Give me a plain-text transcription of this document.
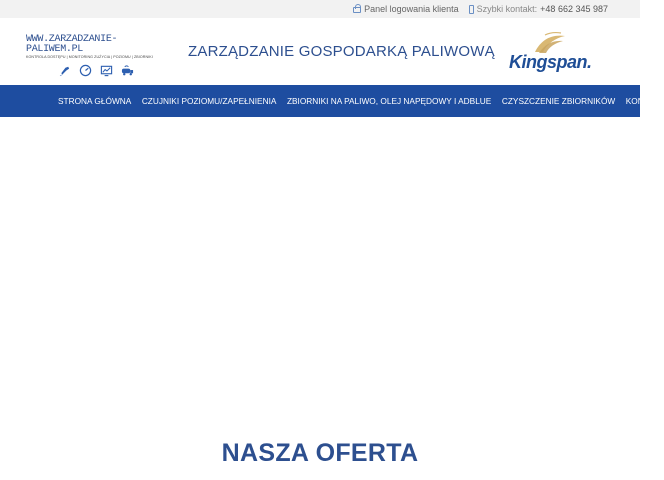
Panel logowania klienta Szybki kontakt: +48 662 345 987
WWW.ZARZADZANIE-PALIWEM.PL
KONTROLA DOSTĘPU | MONITORING ZUŻYCIA | POZIOMU | ZBIORNIKI	ZARZĄDZANIE GOSPODARKĄ PALIWOWĄ
Kingspan.
STRONA GŁÓWNA CZUJNIKI POZIOMU/ZAPEŁNIENIA ZBIORNIKI NA PALIWO, OLEJ NAPĘDOWY I ADBLUE CZYSZCZENIE ZBIORNIKÓW KONTAKT
NASZA OFERTA
